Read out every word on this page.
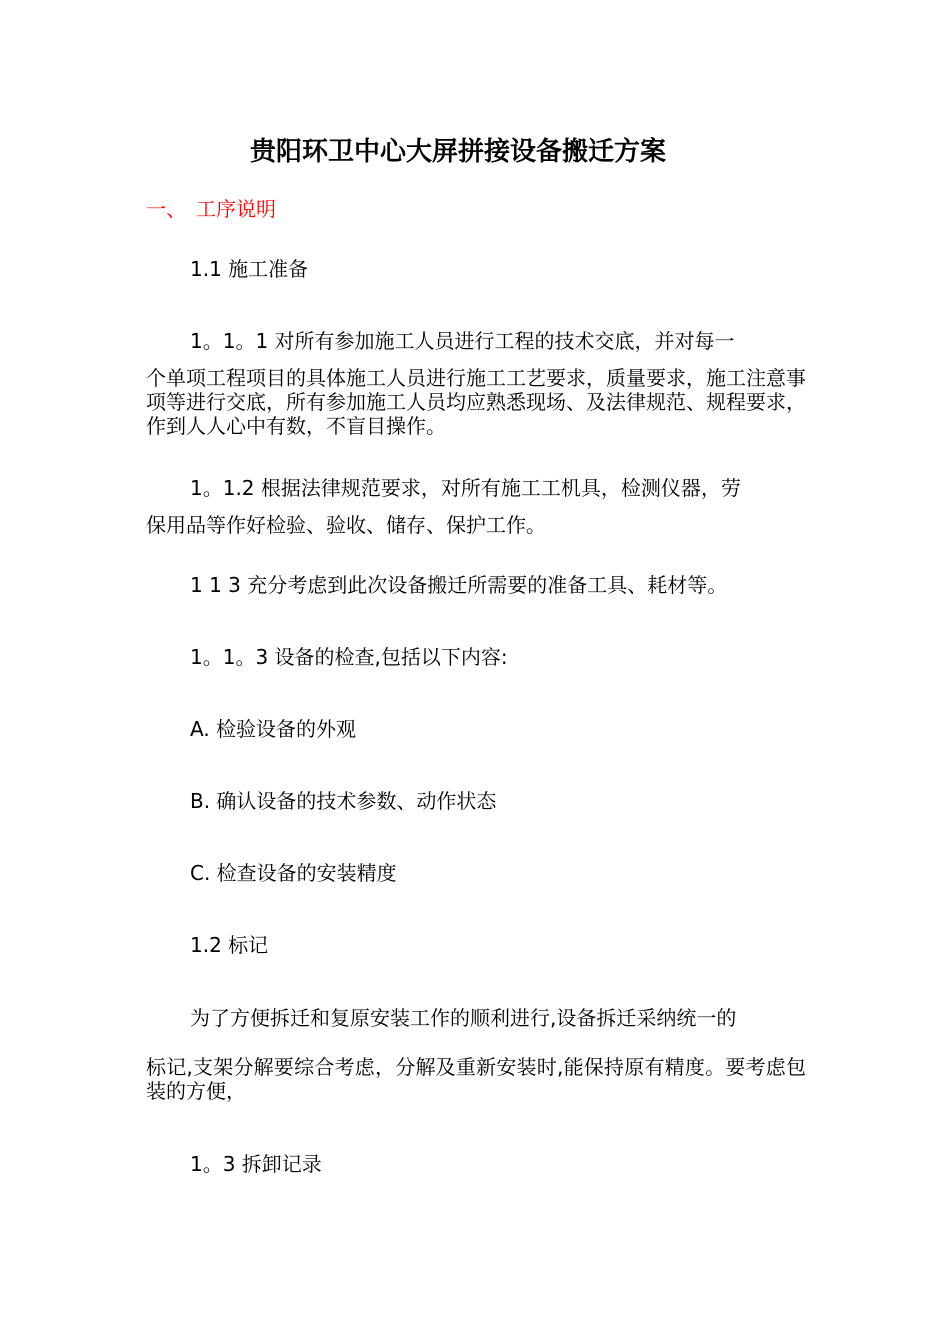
贵阳环卫中心大屏拼接设备搬迁方案
一、 工序说明
1.1 施工准备
1。1。1 对所有参加施工人员进行工程的技术交底，并对每一
个单项工程项目的具体施工人员进行施工工艺要求，质量要求，施工注意事项等进行交底，所有参加施工人员均应熟悉现场、及法律规范、规程要求，作到人人心中有数，不盲目操作。
1。1.2 根据法律规范要求，对所有施工工机具，检测仪器，劳
保用品等作好检验、验收、储存、保护工作。
1 1 3 充分考虑到此次设备搬迁所需要的准备工具、耗材等。
1。1。3 设备的检查,包括以下内容:
A. 检验设备的外观
B. 确认设备的技术参数、动作状态
C. 检查设备的安装精度
1.2 标记
为了方便拆迁和复原安装工作的顺利进行,设备拆迁采纳统一的
标记,支架分解要综合考虑，分解及重新安装时,能保持原有精度。要考虑包装的方便，
1。3 拆卸记录
